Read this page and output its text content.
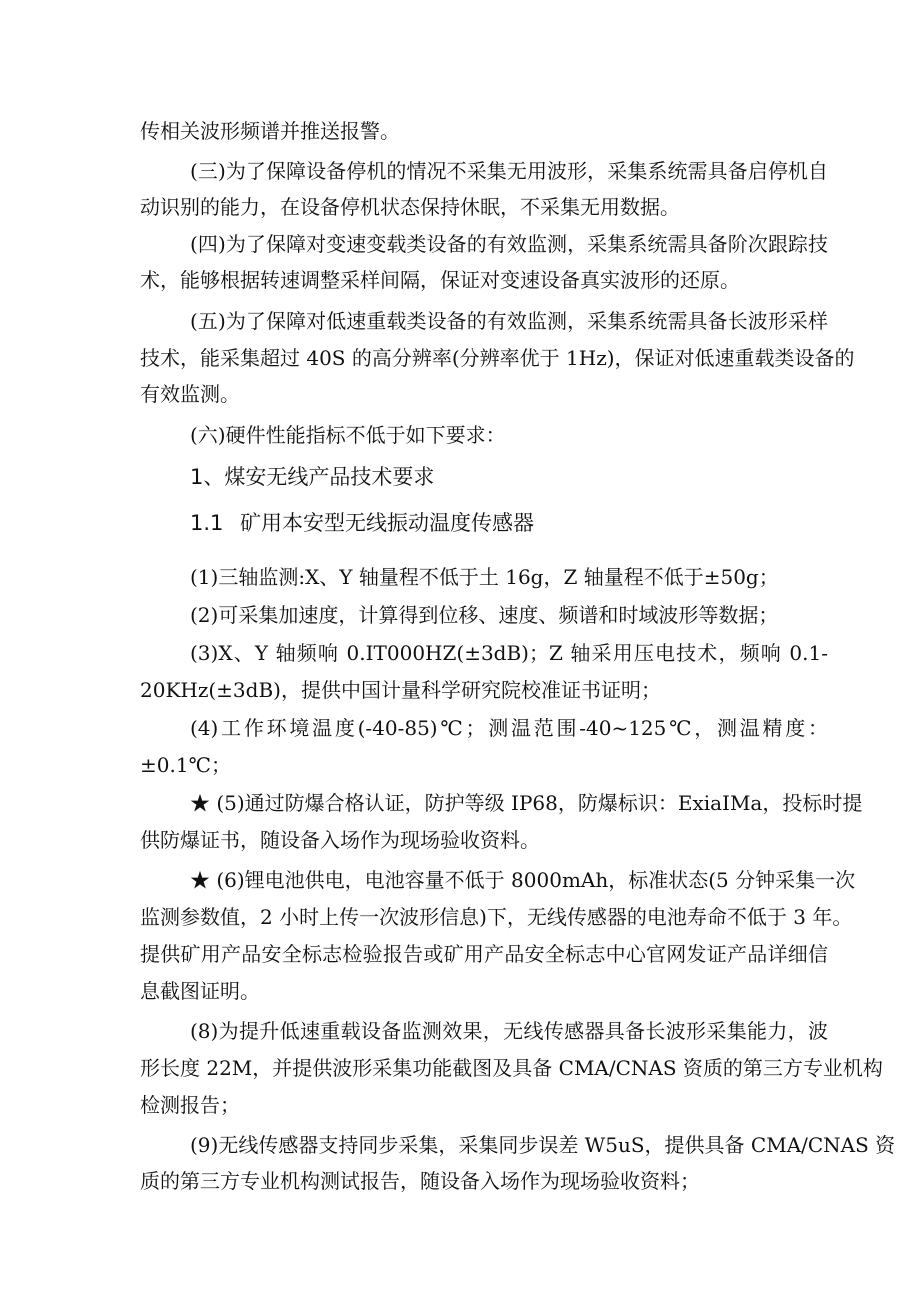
传相关波形频谱并推送报警。
(三)为了保障设备停机的情况不采集无用波形，采集系统需具备启停机自
动识别的能力，在设备停机状态保持休眠，不采集无用数据。
(四)为了保障对变速变载类设备的有效监测，采集系统需具备阶次跟踪技
术，能够根据转速调整采样间隔，保证对变速设备真实波形的还原。
(五)为了保障对低速重载类设备的有效监测，采集系统需具备长波形采样
技术，能采集超过 40S 的高分辨率(分辨率优于 1Hz)，保证对低速重载类设备的
有效监测。
(六)硬件性能指标不低于如下要求：
1、煤安无线产品技术要求
1.1 矿用本安型无线振动温度传感器
(1)三轴监测:X、Y 轴量程不低于土 16g，Z 轴量程不低于±50g；
(2)可采集加速度，计算得到位移、速度、频谱和时域波形等数据；
(3)X、Y 轴频响 0.IT000HZ(±3dB)；Z 轴采用压电技术，频响 0.1-
20KHz(±3dB)，提供中国计量科学研究院校准证书证明；
(4)工作环境温度(-40-85)℃；测温范围-40~125℃，测温精度：
±0.1℃；
★ (5)通过防爆合格认证，防护等级 IP68，防爆标识：ExiaIMa，投标时提
供防爆证书，随设备入场作为现场验收资料。
★ (6)锂电池供电，电池容量不低于 8000mAh，标准状态(5 分钟采集一次
监测参数值，2 小时上传一次波形信息)下，无线传感器的电池寿命不低于 3 年。
提供矿用产品安全标志检验报告或矿用产品安全标志中心官网发证产品详细信
息截图证明。
(8)为提升低速重载设备监测效果，无线传感器具备长波形采集能力，波
形长度 22M，并提供波形采集功能截图及具备 CMA/CNAS 资质的第三方专业机构
检测报告；
(9)无线传感器支持同步采集，采集同步误差 W5uS，提供具备 CMA/CNAS 资
质的第三方专业机构测试报告，随设备入场作为现场验收资料；
